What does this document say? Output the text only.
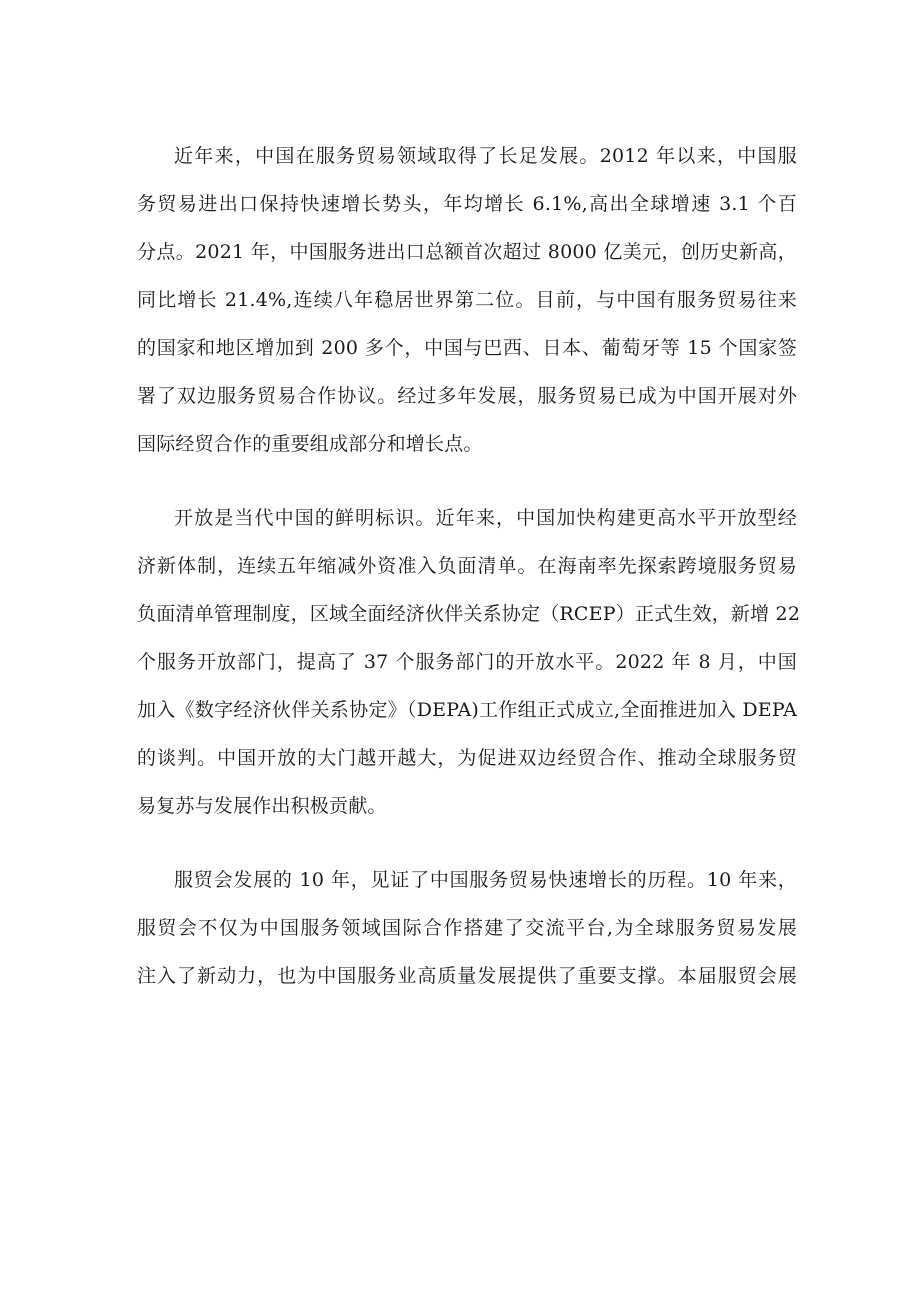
近年来，中国在服务贸易领域取得了长足发展。2012 年以来，中国服
务贸易进出口保持快速增长势头，年均增长 6.1%,高出全球增速 3.1 个百
分点。2021 年，中国服务进出口总额首次超过 8000 亿美元，创历史新高，
同比增长 21.4%,连续八年稳居世界第二位。目前，与中国有服务贸易往来
的国家和地区增加到 200 多个，中国与巴西、日本、葡萄牙等 15 个国家签
署了双边服务贸易合作协议。经过多年发展，服务贸易已成为中国开展对外
国际经贸合作的重要组成部分和增长点。
开放是当代中国的鲜明标识。近年来，中国加快构建更高水平开放型经
济新体制，连续五年缩减外资准入负面清单。在海南率先探索跨境服务贸易
负面清单管理制度，区域全面经济伙伴关系协定（RCEP）正式生效，新增 22
个服务开放部门，提高了 37 个服务部门的开放水平。2022 年 8 月，中国
加入《数字经济伙伴关系协定》（DEPA)工作组正式成立,全面推进加入 DEPA
的谈判。中国开放的大门越开越大，为促进双边经贸合作、推动全球服务贸
易复苏与发展作出积极贡献。
服贸会发展的 10 年，见证了中国服务贸易快速增长的历程。10 年来，
服贸会不仅为中国服务领域国际合作搭建了交流平台,为全球服务贸易发展
注入了新动力，也为中国服务业高质量发展提供了重要支撑。本届服贸会展
